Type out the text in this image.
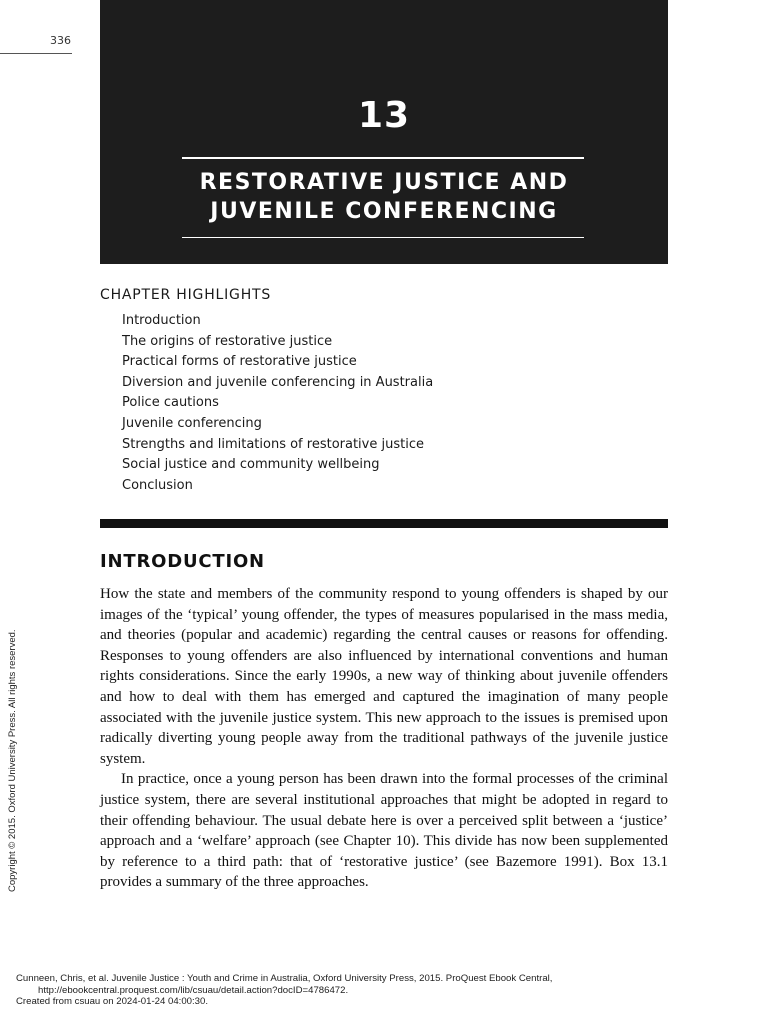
336
13
RESTORATIVE JUSTICE AND
JUVENILE CONFERENCING
CHAPTER HIGHLIGHTS
Introduction
The origins of restorative justice
Practical forms of restorative justice
Diversion and juvenile conferencing in Australia
Police cautions
Juvenile conferencing
Strengths and limitations of restorative justice
Social justice and community wellbeing
Conclusion
INTRODUCTION

How the state and members of the community respond to young offenders is shaped by our images of the ‘typical’ young offender, the types of measures popularised in the mass media, and theories (popular and academic) regarding the central causes or reasons for offending. Responses to young offenders are also influenced by international conventions and human rights considerations. Since the early 1990s, a new way of thinking about juvenile offenders and how to deal with them has emerged and captured the imagination of many people associated with the juvenile justice system. This new approach to the issues is premised upon radically diverting young people away from the traditional pathways of the juvenile justice system.

In practice, once a young person has been drawn into the formal processes of the criminal justice system, there are several institutional approaches that might be adopted in regard to their offending behaviour. The usual debate here is over a perceived split between a ‘justice’ approach and a ‘welfare’ approach (see Chapter 10). This divide has now been supplemented by reference to a third path: that of ‘restorative justice’ (see Bazemore 1991). Box 13.1 provides a summary of the three approaches.

Copyright © 2015. Oxford University Press. All rights reserved.
Cunneen, Chris, et al. Juvenile Justice : Youth and Crime in Australia, Oxford University Press, 2015. ProQuest Ebook Central,
http://ebookcentral.proquest.com/lib/csuau/detail.action?docID=4786472.
Created from csuau on 2024-01-24 04:00:30.
